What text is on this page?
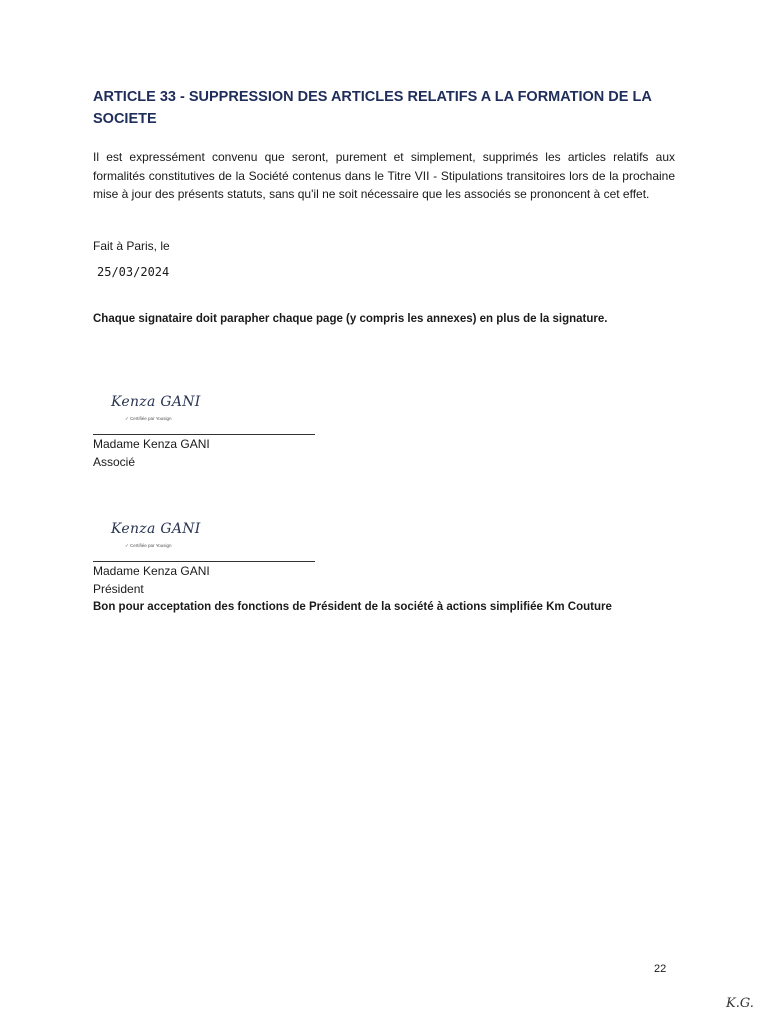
ARTICLE 33 - SUPPRESSION DES ARTICLES RELATIFS A LA FORMATION DE LA SOCIETE

Il est expressément convenu que seront, purement et simplement, supprimés les articles relatifs aux formalités constitutives de la Société contenus dans le Titre VII - Stipulations transitoires lors de la prochaine mise à jour des présents statuts, sans qu'il ne soit nécessaire que les associés se prononcent à cet effet.

Fait à Paris, le

25/03/2024

Chaque signataire doit parapher chaque page (y compris les annexes) en plus de la signature.

Kenza GANI
✓ Certifiée par Yousign

Madame Kenza GANI

Associé

Kenza GANI
✓ Certifiée par Yousign

Madame Kenza GANI

Président

Bon pour acceptation des fonctions de Président de la société à actions simplifiée Km Couture

22

K.G.
